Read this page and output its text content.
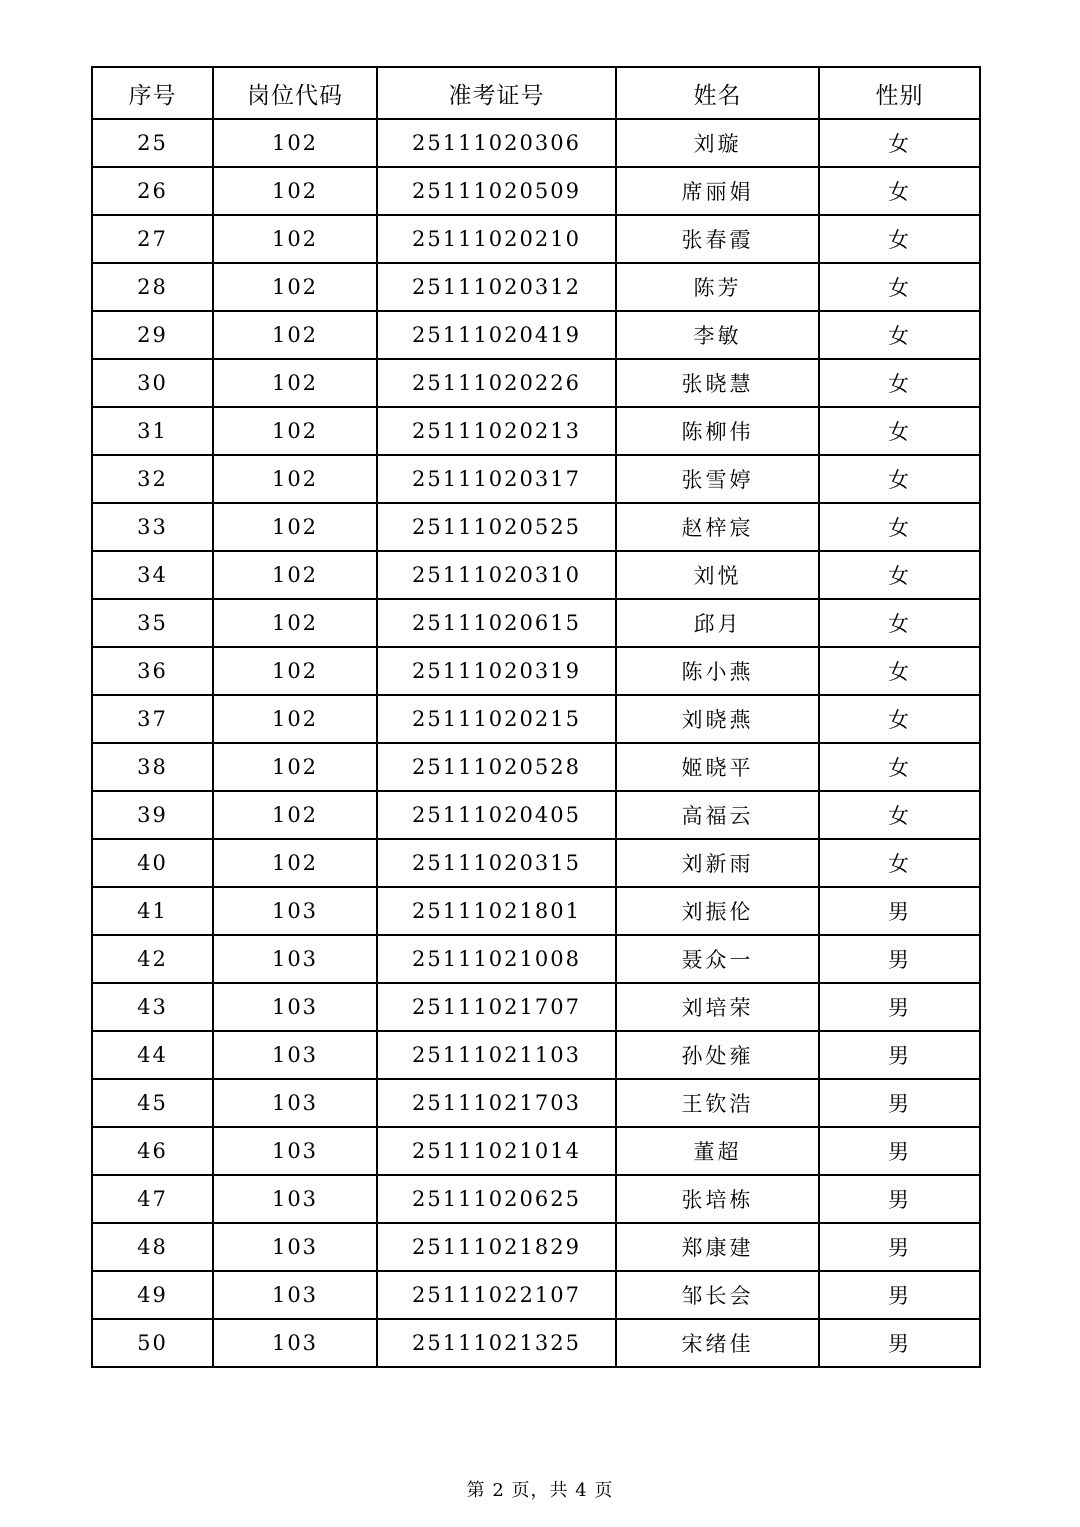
序号	岗位代码	准考证号	姓名	性别
25	102	25111020306	刘璇	女
26	102	25111020509	席丽娟	女
27	102	25111020210	张春霞	女
28	102	25111020312	陈芳	女
29	102	25111020419	李敏	女
30	102	25111020226	张晓慧	女
31	102	25111020213	陈柳伟	女
32	102	25111020317	张雪婷	女
33	102	25111020525	赵梓宸	女
34	102	25111020310	刘悦	女
35	102	25111020615	邱月	女
36	102	25111020319	陈小燕	女
37	102	25111020215	刘晓燕	女
38	102	25111020528	姬晓平	女
39	102	25111020405	高福云	女
40	102	25111020315	刘新雨	女
41	103	25111021801	刘振伦	男
42	103	25111021008	聂众一	男
43	103	25111021707	刘培荣	男
44	103	25111021103	孙处雍	男
45	103	25111021703	王钦浩	男
46	103	25111021014	董超	男
47	103	25111020625	张培栋	男
48	103	25111021829	郑康建	男
49	103	25111022107	邹长会	男
50	103	25111021325	宋绪佳	男
第 2 页，共 4 页
